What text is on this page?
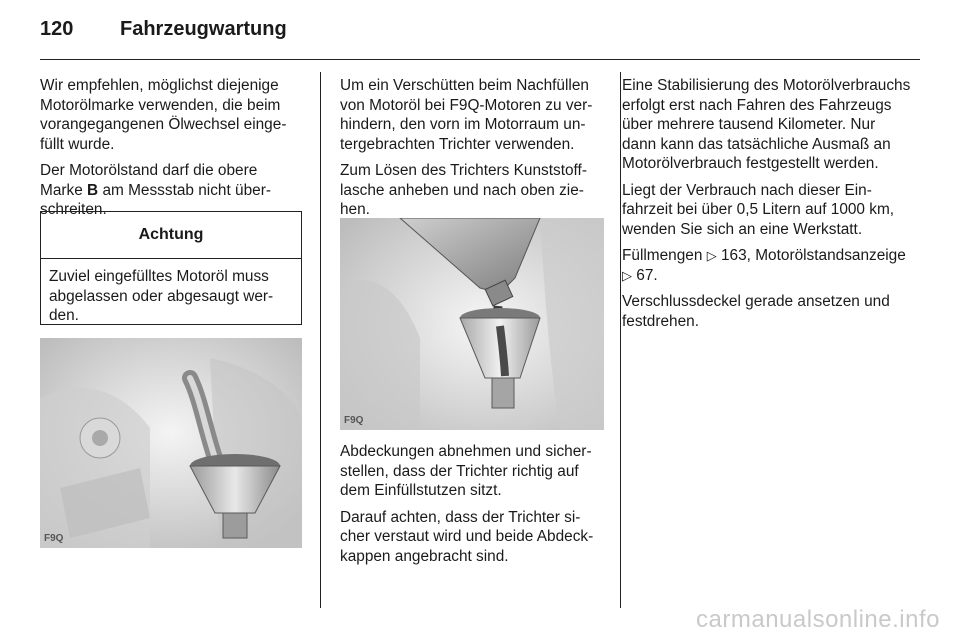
120 Fahrzeugwartung

Wir empfehlen, möglichst diejenige Motorölmarke verwenden, die beim vorangegangenen Ölwechsel eingefüllt wurde.

Der Motorölstand darf die obere Marke B am Messstab nicht überschreiten.

Achtung
Zuviel eingefülltes Motoröl muss abgelassen oder abgesaugt werden.
F9Q

Um ein Verschütten beim Nachfüllen von Motoröl bei F9Q-Motoren zu verhindern, den vorn im Motorraum untergebrachten Trichter verwenden.

Zum Lösen des Trichters Kunststofflasche anheben und nach oben ziehen.

F9Q

Abdeckungen abnehmen und sicherstellen, dass der Trichter richtig auf dem Einfüllstutzen sitzt.

Darauf achten, dass der Trichter sicher verstaut wird und beide Abdeckkappen angebracht sind.

Eine Stabilisierung des Motorölverbrauchs erfolgt erst nach Fahren des Fahrzeugs über mehrere tausend Kilometer. Nur dann kann das tatsächliche Ausmaß an Motorölverbrauch festgestellt werden.

Liegt der Verbrauch nach dieser Einfahrzeit bei über 0,5 Litern auf 1000 km, wenden Sie sich an eine Werkstatt.

Füllmengen ▷ 163, Motorölstandsanzeige ▷ 67.

Verschlussdeckel gerade ansetzen und festdrehen.

carmanualsonline.info
